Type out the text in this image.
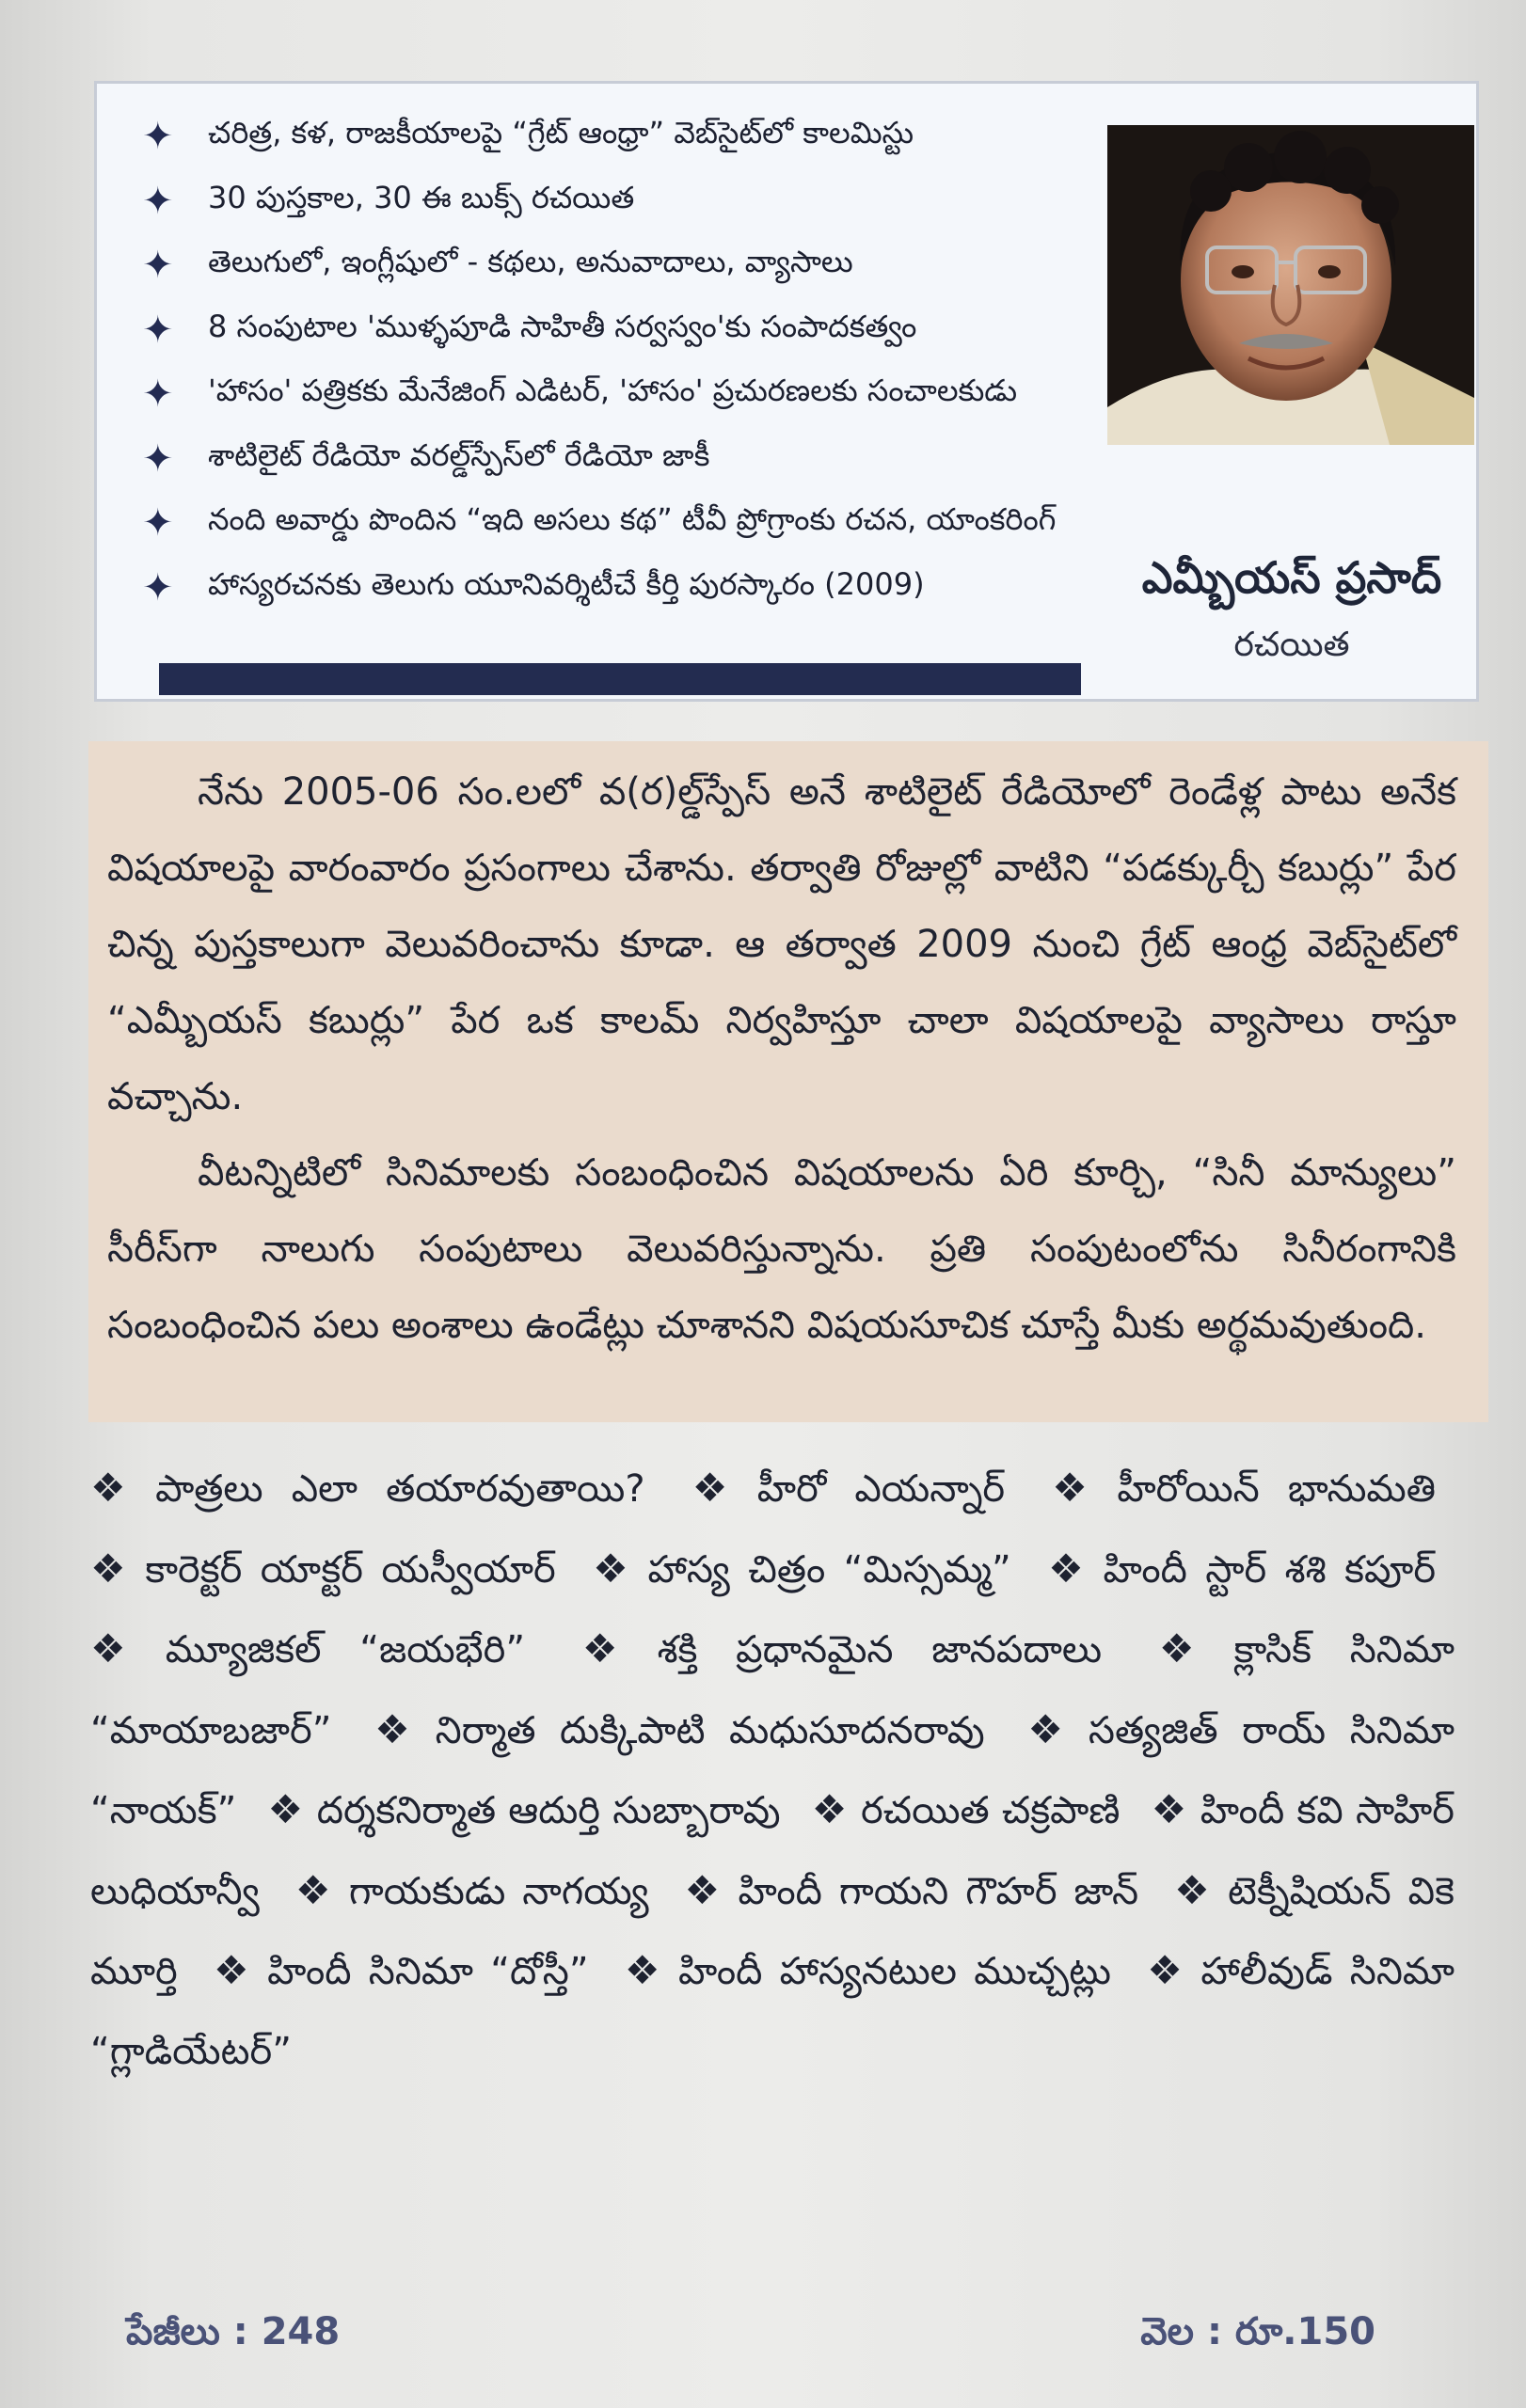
✦	చరిత్ర, కళ, రాజకీయాలపై “గ్రేట్ ఆంధ్రా” వెబ్‌సైట్‌లో కాలమిస్టు
✦	30 పుస్తకాల, 30 ఈ బుక్స్ రచయిత
✦	తెలుగులో, ఇంగ్లీషులో - కథలు, అనువాదాలు, వ్యాసాలు
✦	8 సంపుటాల 'ముళ్ళపూడి సాహితీ సర్వస్వం'కు సంపాదకత్వం
✦	'హాసం' పత్రికకు మేనేజింగ్ ఎడిటర్, 'హాసం' ప్రచురణలకు సంచాలకుడు
✦	శాటిలైట్ రేడియో వరల్డ్‌స్పేస్‌లో రేడియో జాకీ
✦	నంది అవార్డు పొందిన “ఇది అసలు కథ” టీవీ ప్రోగ్రాంకు రచన, యాంకరింగ్
✦	హాస్యరచనకు తెలుగు యూనివర్శిటీచే కీర్తి పురస్కారం (2009)	ఎమ్బీయస్ ప్రసాద్
రచయిత

నేను 2005-06 సం.లలో వ(ర)ల్డ్‌స్పేస్ అనే శాటిలైట్ రేడియోలో రెండేళ్ల పాటు అనేక విషయాలపై వారంవారం ప్రసంగాలు చేశాను. తర్వాతి రోజుల్లో వాటిని “పడక్కుర్చీ కబుర్లు” పేర చిన్న పుస్తకాలుగా వెలువరించాను కూడా. ఆ తర్వాత 2009 నుంచి గ్రేట్ ఆంధ్ర వెబ్‌సైట్‌లో “ఎమ్బీయస్ కబుర్లు” పేర ఒక కాలమ్ నిర్వహిస్తూ చాలా విషయాలపై వ్యాసాలు రాస్తూ వచ్చాను.

వీటన్నిటిలో సినిమాలకు సంబంధించిన విషయాలను ఏరి కూర్చి, “సినీ మాన్యులు” సీరీస్‌గా నాలుగు సంపుటాలు వెలువరిస్తున్నాను. ప్రతి సంపుటంలోను సినీరంగానికి సంబంధించిన పలు అంశాలు ఉండేట్లు చూశానని విషయసూచిక చూస్తే మీకు అర్థమవుతుంది.

❖ పాత్రలు ఎలా తయారవుతాయి? ❖ హీరో ఎయన్నార్ ❖ హీరోయిన్ భానుమతి ❖ కారెక్టర్ యాక్టర్ యస్వీయార్ ❖ హాస్య చిత్రం “మిస్సమ్మ” ❖ హిందీ స్టార్ శశి కపూర్ ❖ మ్యూజికల్ “జయభేరి” ❖ శక్తి ప్రధానమైన జానపదాలు ❖ క్లాసిక్ సినిమా “మాయాబజార్” ❖ నిర్మాత దుక్కిపాటి మధుసూదనరావు ❖ సత్యజిత్ రాయ్ సినిమా “నాయక్” ❖ దర్శకనిర్మాత ఆదుర్తి సుబ్బారావు ❖ రచయిత చక్రపాణి ❖ హిందీ కవి సాహిర్ లుధియాన్వీ ❖ గాయకుడు నాగయ్య ❖ హిందీ గాయని గౌహర్ జాన్ ❖ టెక్నీషియన్ వికె మూర్తి ❖ హిందీ సినిమా “దోస్తీ” ❖ హిందీ హాస్యనటుల ముచ్చట్లు ❖ హాలీవుడ్ సినిమా “గ్లాడియేటర్”

పేజీలు : 248	వెల : రూ.150
